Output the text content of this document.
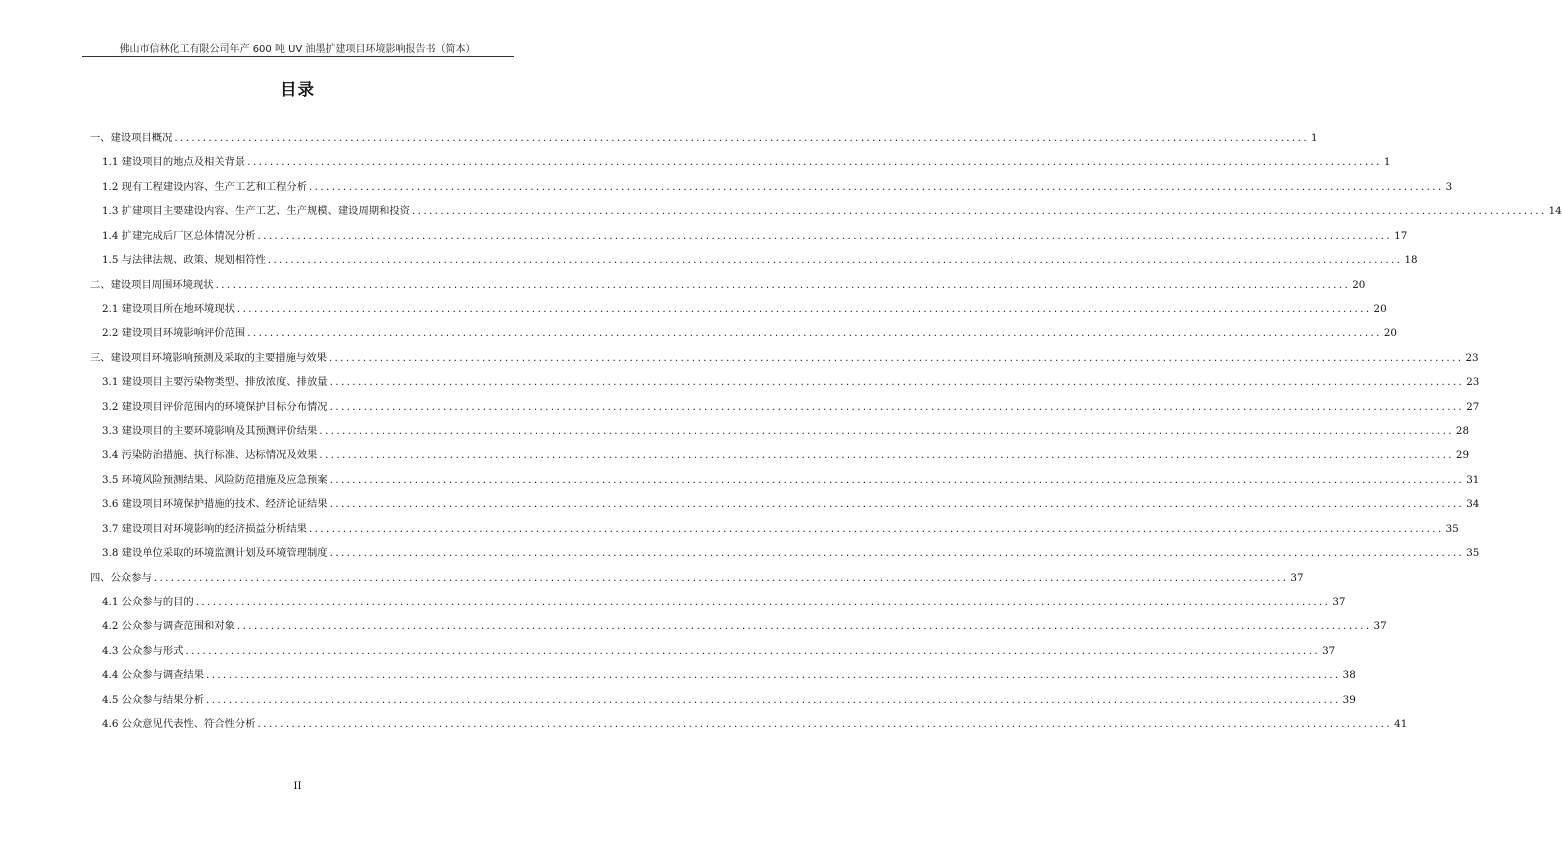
佛山市信林化工有限公司年产 600 吨 UV 油墨扩建项目环境影响报告书（简本）
目录
一、建设项目概况 ........................................................................................................................................................................................................ 1
1.1 建设项目的地点及相关背景 ........................................................................................................................................................................................................ 1
1.2 现有工程建设内容、生产工艺和工程分析 ........................................................................................................................................................................................................ 3
1.3 扩建项目主要建设内容、生产工艺、生产规模、建设周期和投资 ........................................................................................................................................................................................................ 14
1.4 扩建完成后厂区总体情况分析 ........................................................................................................................................................................................................ 17
1.5 与法律法规、政策、规划相符性 ........................................................................................................................................................................................................ 18
二、建设项目周围环境现状 ........................................................................................................................................................................................................ 20
2.1 建设项目所在地环境现状 ........................................................................................................................................................................................................ 20
2.2 建设项目环境影响评价范围 ........................................................................................................................................................................................................ 20
三、建设项目环境影响预测及采取的主要措施与效果 ........................................................................................................................................................................................................ 23
3.1 建设项目主要污染物类型、排放浓度、排放量 ........................................................................................................................................................................................................ 23
3.2 建设项目评价范围内的环境保护目标分布情况 ........................................................................................................................................................................................................ 27
3.3 建设项目的主要环境影响及其预测评价结果 ........................................................................................................................................................................................................ 28
3.4 污染防治措施、执行标准、达标情况及效果 ........................................................................................................................................................................................................ 29
3.5 环境风险预测结果、风险防范措施及应急预案 ........................................................................................................................................................................................................ 31
3.6 建设项目环境保护措施的技术、经济论证结果 ........................................................................................................................................................................................................ 34
3.7 建设项目对环境影响的经济损益分析结果 ........................................................................................................................................................................................................ 35
3.8 建设单位采取的环境监测计划及环境管理制度 ........................................................................................................................................................................................................ 35
四、公众参与 ........................................................................................................................................................................................................ 37
4.1 公众参与的目的 ........................................................................................................................................................................................................ 37
4.2 公众参与调查范围和对象 ........................................................................................................................................................................................................ 37
4.3 公众参与形式 ........................................................................................................................................................................................................ 37
4.4 公众参与调查结果 ........................................................................................................................................................................................................ 38
4.5 公众参与结果分析 ........................................................................................................................................................................................................ 39
4.6 公众意见代表性、符合性分析 ........................................................................................................................................................................................................ 41
II
